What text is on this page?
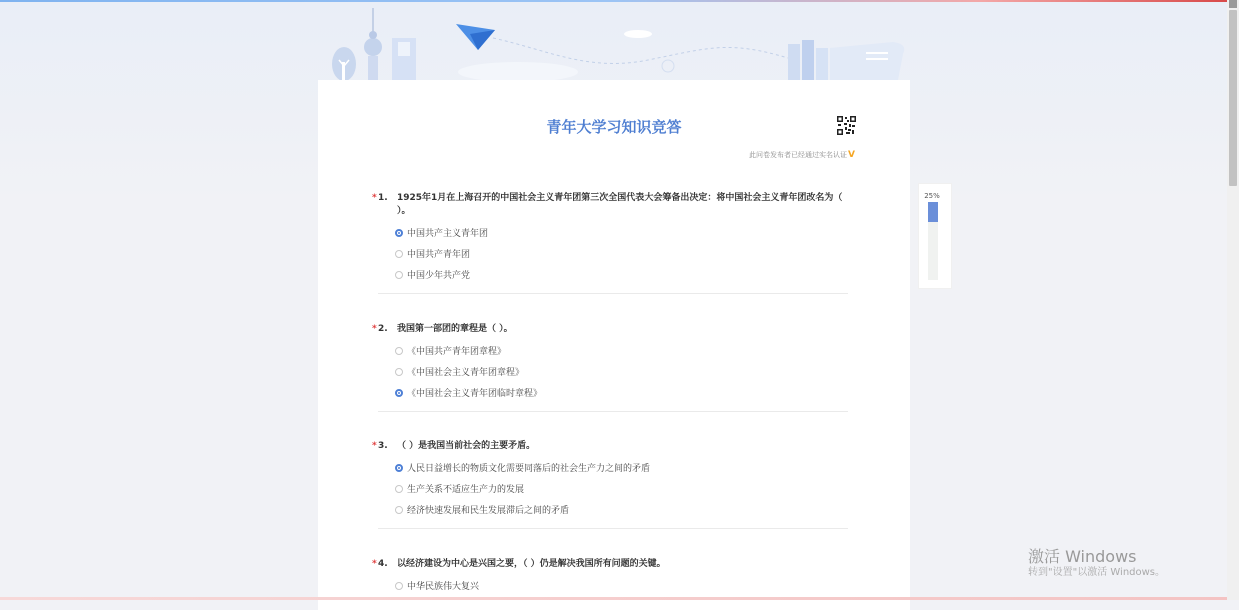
青年大学习知识竞答
此问卷发布者已经通过实名认证V
* 1. 1925年1月在上海召开的中国社会主义青年团第三次全国代表大会筹备出决定：将中国社会主义青年团改名为（ ）。
中国共产主义青年团
中国共产青年团
中国少年共产党
* 2. 我国第一部团的章程是（ ）。
《中国共产青年团章程》
《中国社会主义青年团章程》
《中国社会主义青年团临时章程》
* 3. （ ）是我国当前社会的主要矛盾。
人民日益增长的物质文化需要同落后的社会生产力之间的矛盾
生产关系不适应生产力的发展
经济快速发展和民生发展滞后之间的矛盾
* 4. 以经济建设为中心是兴国之要，（ ）仍是解决我国所有问题的关键。
中华民族伟大复兴
25%
激活 Windows
转到"设置"以激活 Windows。
